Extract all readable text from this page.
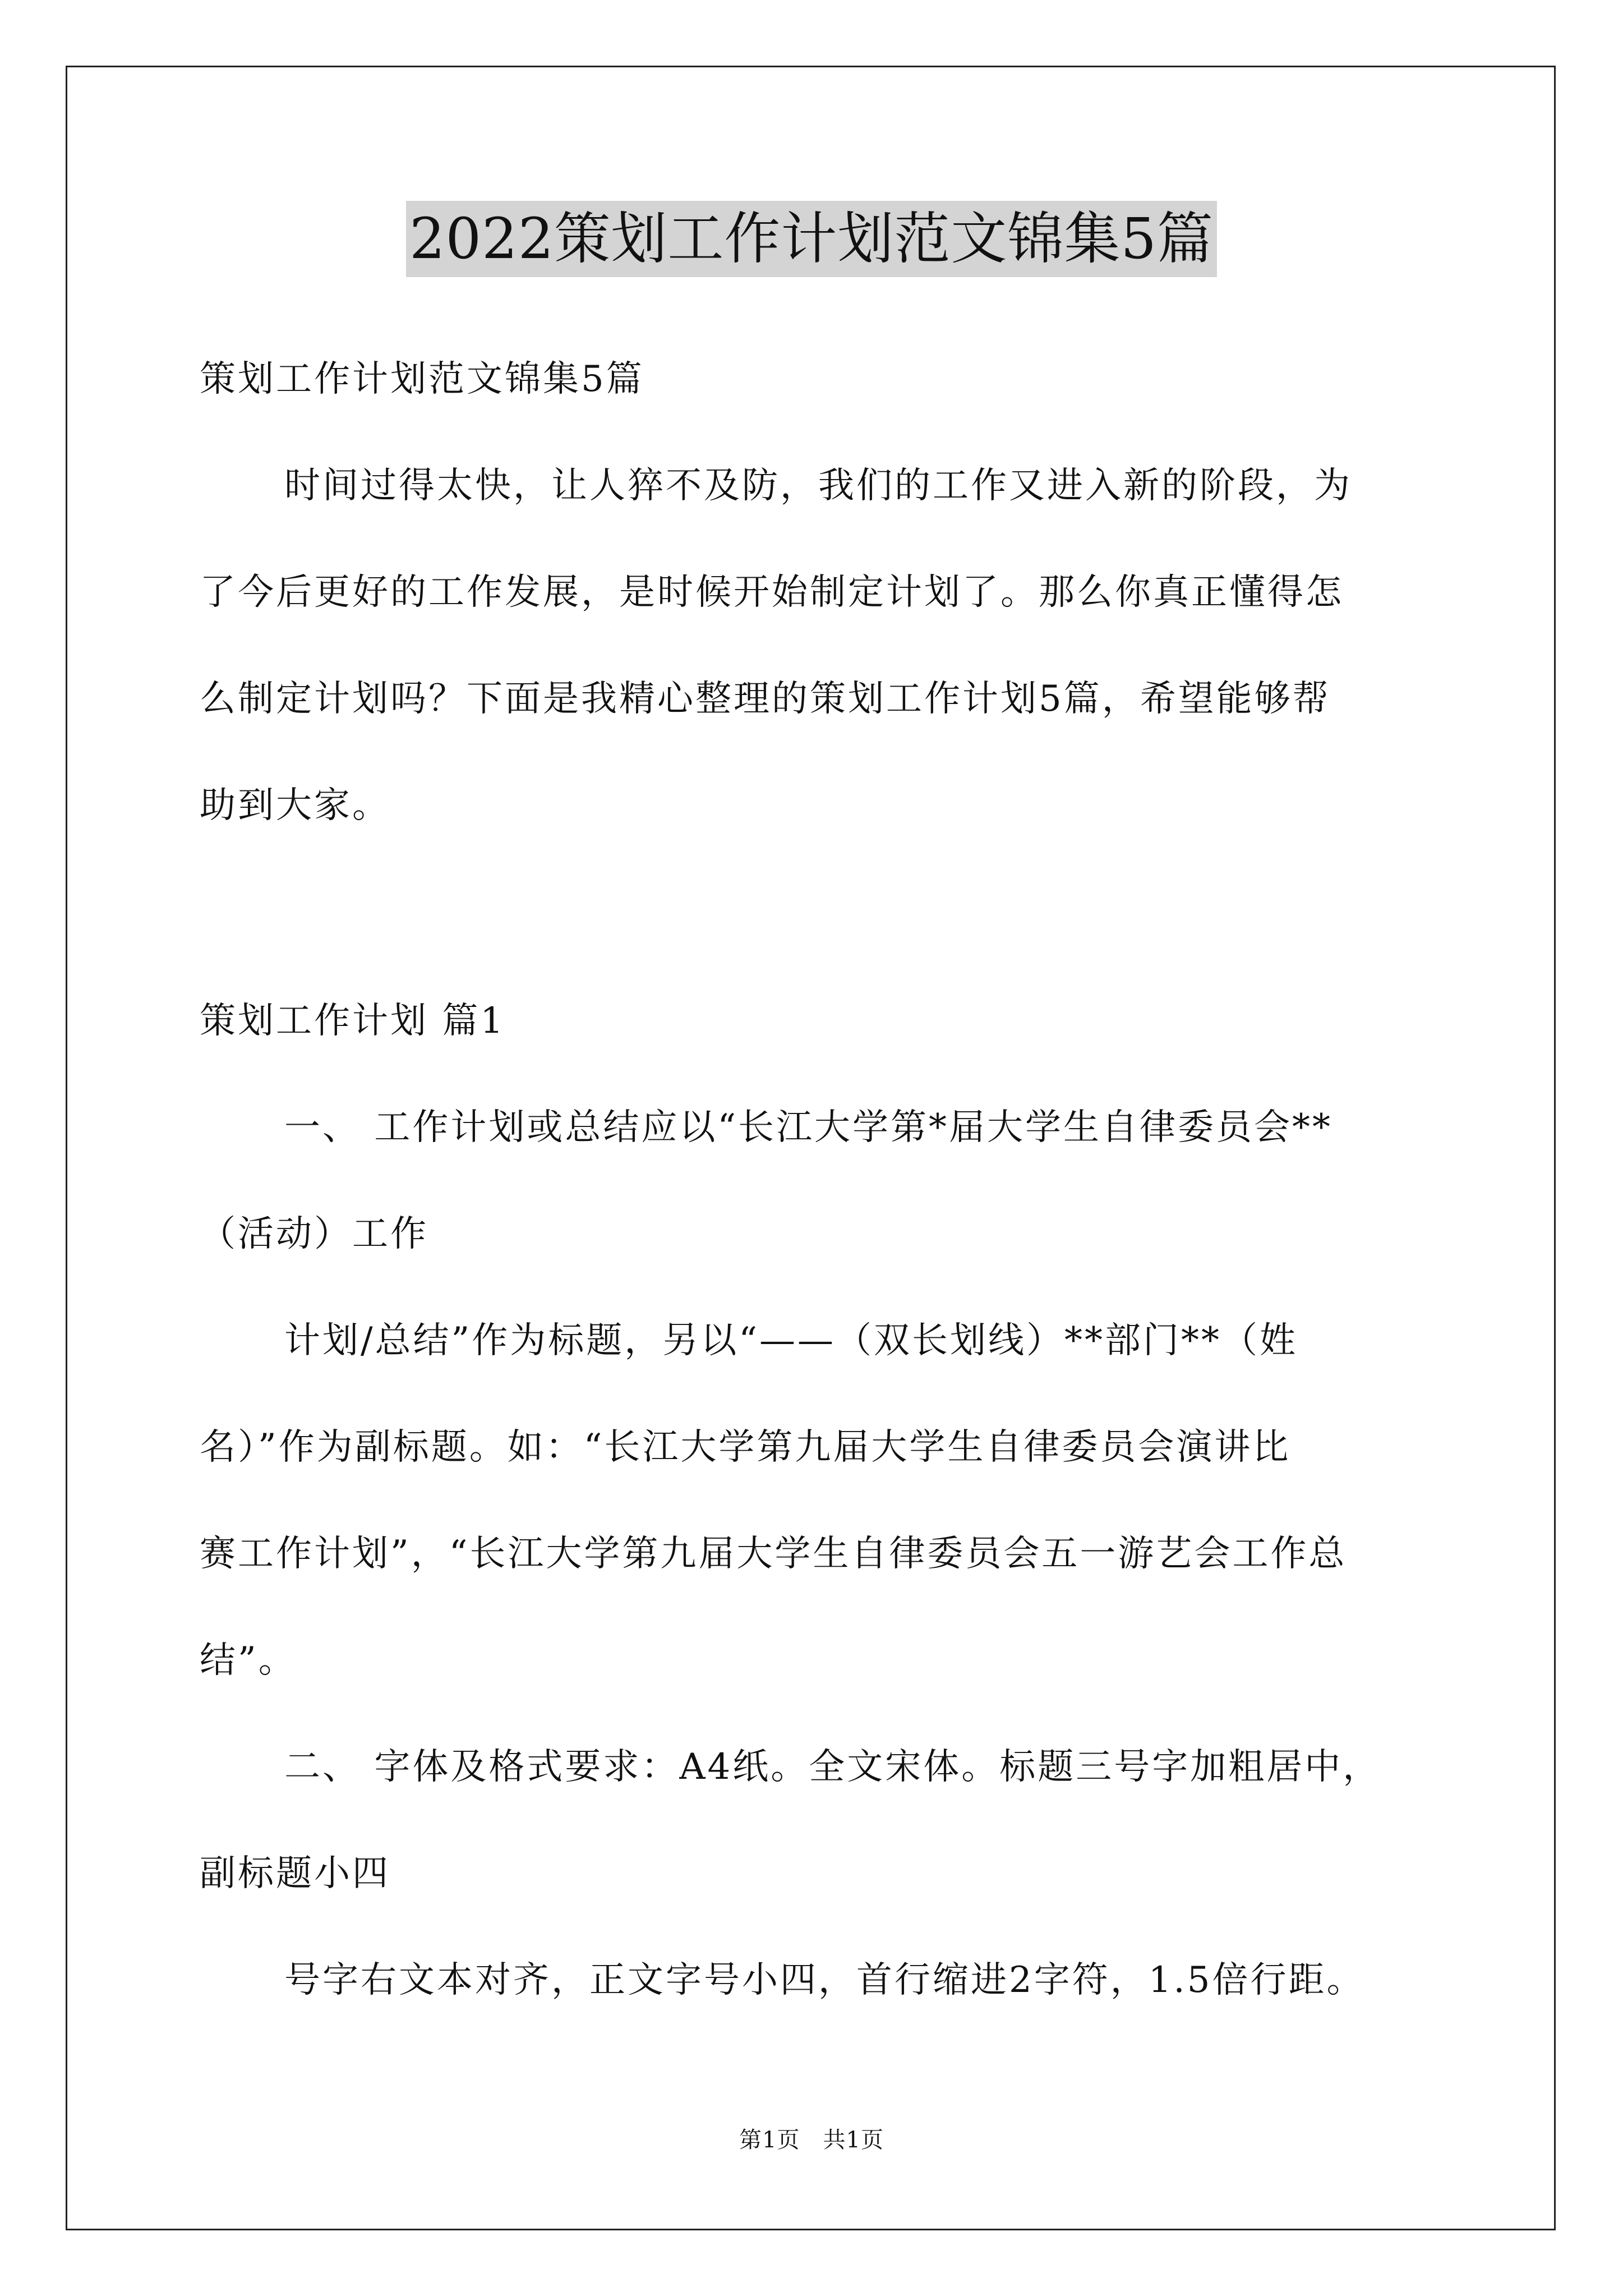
2022策划工作计划范文锦集5篇
策划工作计划范文锦集5篇
时间过得太快，让人猝不及防，我们的工作又进入新的阶段，为
了今后更好的工作发展，是时候开始制定计划了。那么你真正懂得怎
么制定计划吗？下面是我精心整理的策划工作计划5篇，希望能够帮
助到大家。
策划工作计划 篇1
一、 工作计划或总结应以“长江大学第*届大学生自律委员会**
（活动）工作
计划/总结”作为标题，另以“——（双长划线）**部门**（姓
名）”作为副标题。如：“长江大学第九届大学生自律委员会演讲比
赛工作计划”，“长江大学第九届大学生自律委员会五一游艺会工作总
结”。
二、 字体及格式要求：A4纸。全文宋体。标题三号字加粗居中，
副标题小四
号字右文本对齐，正文字号小四，首行缩进2字符，1.5倍行距。
第1页　共1页
